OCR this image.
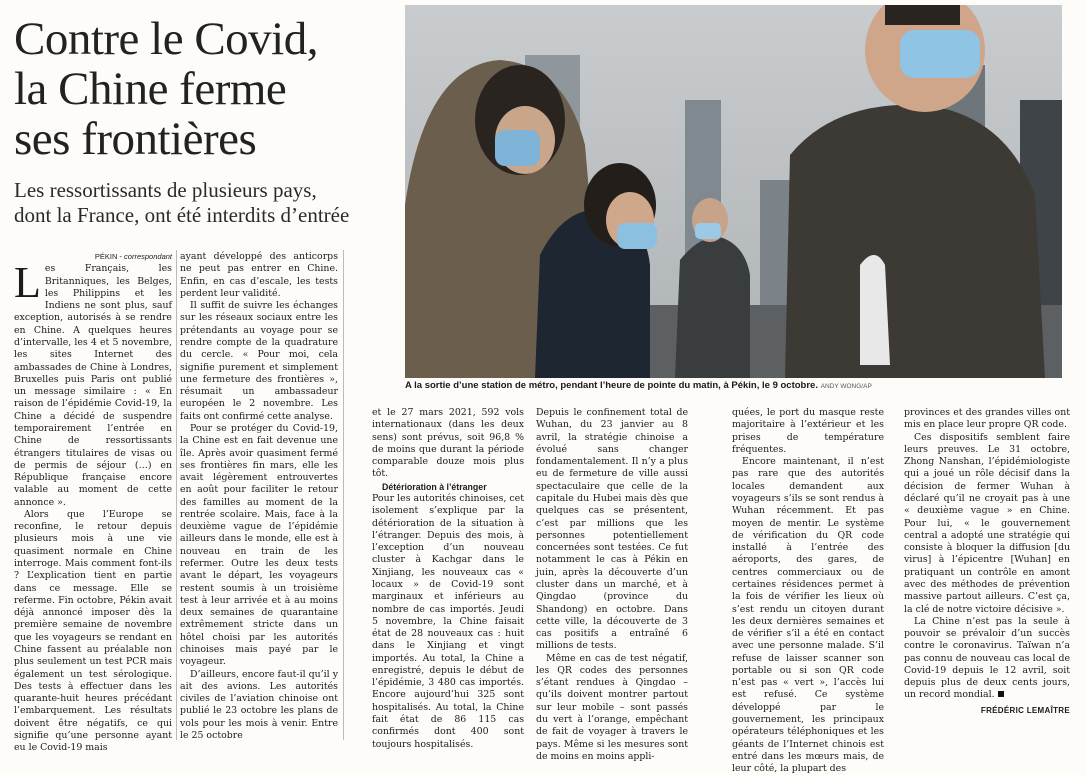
Contre le Covid,
la Chine ferme
ses frontières
Les ressortissants de plusieurs pays,
dont la France, ont été interdits d’entrée
A la sortie d’une station de métro, pendant l’heure de pointe du matin, à Pékin, le 9 octobre. ANDY WONG/AP

PÉKIN - correspondant

Les Français, les Britanniques, les Belges, les Philippins et les Indiens ne sont plus, sauf exception, autorisés à se rendre en Chine. A quelques heures d’intervalle, les 4 et 5 novembre, les sites Internet des ambassades de Chine à Londres, Bruxelles puis Paris ont publié un message similaire : « En raison de l’épidémie Covid-19, la Chine a décidé de suspendre temporairement l’entrée en Chine de ressortissants étrangers titulaires de visas ou de permis de séjour (…) en République française encore valable au moment de cette annonce ».

Alors que l’Europe se reconfine, le retour depuis plusieurs mois à une vie quasiment normale en Chine interroge. Mais comment font-ils ? L’explication tient en partie dans ce message. Elle se referme. Fin octobre, Pékin avait déjà annoncé imposer dès la première semaine de novembre que les voyageurs se rendant en Chine fassent au préalable non plus seulement un test PCR mais également un test sérologique. Des tests à effectuer dans les quarante-huit heures précédant l’embarquement. Les résultats doivent être négatifs, ce qui signifie qu’une personne ayant eu le Covid-19 mais

ayant développé des anticorps ne peut pas entrer en Chine. Enfin, en cas d’escale, les tests perdent leur validité.

Il suffit de suivre les échanges sur les réseaux sociaux entre les prétendants au voyage pour se rendre compte de la quadrature du cercle. « Pour moi, cela signifie purement et simplement une fermeture des frontières », résumait un ambassadeur européen le 2 novembre. Les faits ont confirmé cette analyse.

Pour se protéger du Covid-19, la Chine est en fait devenue une île. Après avoir quasiment fermé ses frontières fin mars, elle les avait légèrement entrouvertes en août pour faciliter le retour des familles au moment de la rentrée scolaire. Mais, face à la deuxième vague de l’épidémie ailleurs dans le monde, elle est à nouveau en train de les refermer. Outre les deux tests avant le départ, les voyageurs restent soumis à un troisième test à leur arrivée et à au moins deux semaines de quarantaine extrêmement stricte dans un hôtel choisi par les autorités chinoises mais payé par le voyageur.

D’ailleurs, encore faut-il qu’il y ait des avions. Les autorités civiles de l’aviation chinoise ont publié le 23 octobre les plans de vols pour les mois à venir. Entre le 25 octobre

et le 27 mars 2021, 592 vols internationaux (dans les deux sens) sont prévus, soit 96,8 % de moins que durant la période comparable douze mois plus tôt.

Détérioration à l’étranger

Pour les autorités chinoises, cet isolement s’explique par la détérioration de la situation à l’étranger. Depuis des mois, à l’exception d’un nouveau cluster à Kachgar dans le Xinjiang, les nouveaux cas « locaux » de Covid-19 sont marginaux et inférieurs au nombre de cas importés. Jeudi 5 novembre, la Chine faisait état de 28 nouveaux cas : huit dans le Xinjiang et vingt importés. Au total, la Chine a enregistré, depuis le début de l’épidémie, 3 480 cas importés. Encore aujourd’hui 325 sont hospitalisés. Au total, la Chine fait état de 86 115 cas confirmés dont 400 sont toujours hospitalisés.

Depuis le confinement total de Wuhan, du 23 janvier au 8 avril, la stratégie chinoise a évolué sans changer fondamentalement. Il n’y a plus eu de fermeture de ville aussi spectaculaire que celle de la capitale du Hubei mais dès que quelques cas se présentent, c’est par millions que les personnes potentiellement concernées sont testées. Ce fut notamment le cas à Pékin en juin, après la découverte d’un cluster dans un marché, et à Qingdao (province du Shandong) en octobre. Dans cette ville, la découverte de 3 cas positifs a entraîné 6 millions de tests.

Même en cas de test négatif, les QR codes des personnes s’étant rendues à Qingdao – qu’ils doivent montrer partout sur leur mobile – sont passés du vert à l’orange, empêchant de fait de voyager à travers le pays. Même si les mesures sont de moins en moins appli-

quées, le port du masque reste majoritaire à l’extérieur et les prises de température fréquentes.

Encore maintenant, il n’est pas rare que des autorités locales demandent aux voyageurs s’ils se sont rendus à Wuhan récemment. Et pas moyen de mentir. Le système de vérification du QR code installé à l’entrée des aéroports, des gares, de centres commerciaux ou de certaines résidences permet à la fois de vérifier les lieux où s’est rendu un citoyen durant les deux dernières semaines et de vérifier s’il a été en contact avec une personne malade. S’il refuse de laisser scanner son portable ou si son QR code n’est pas « vert », l’accès lui est refusé. Ce système développé par le gouvernement, les principaux opérateurs téléphoniques et les géants de l’Internet chinois est entré dans les mœurs mais, de leur côté, la plupart des

provinces et des grandes villes ont mis en place leur propre QR code.

Ces dispositifs semblent faire leurs preuves. Le 31 octobre, Zhong Nanshan, l’épidémiologiste qui a joué un rôle décisif dans la décision de fermer Wuhan à déclaré qu’il ne croyait pas à une « deuxième vague » en Chine. Pour lui, « le gouvernement central a adopté une stratégie qui consiste à bloquer la diffusion [du virus] à l’épicentre [Wuhan] en pratiquant un contrôle en amont avec des méthodes de prévention massive partout ailleurs. C’est ça, la clé de notre victoire décisive ».

La Chine n’est pas la seule à pouvoir se prévaloir d’un succès contre le coronavirus. Taïwan n’a pas connu de nouveau cas local de Covid-19 depuis le 12 avril, soit depuis plus de deux cents jours, un record mondial.

FRÉDÉRIC LEMAÎTRE
